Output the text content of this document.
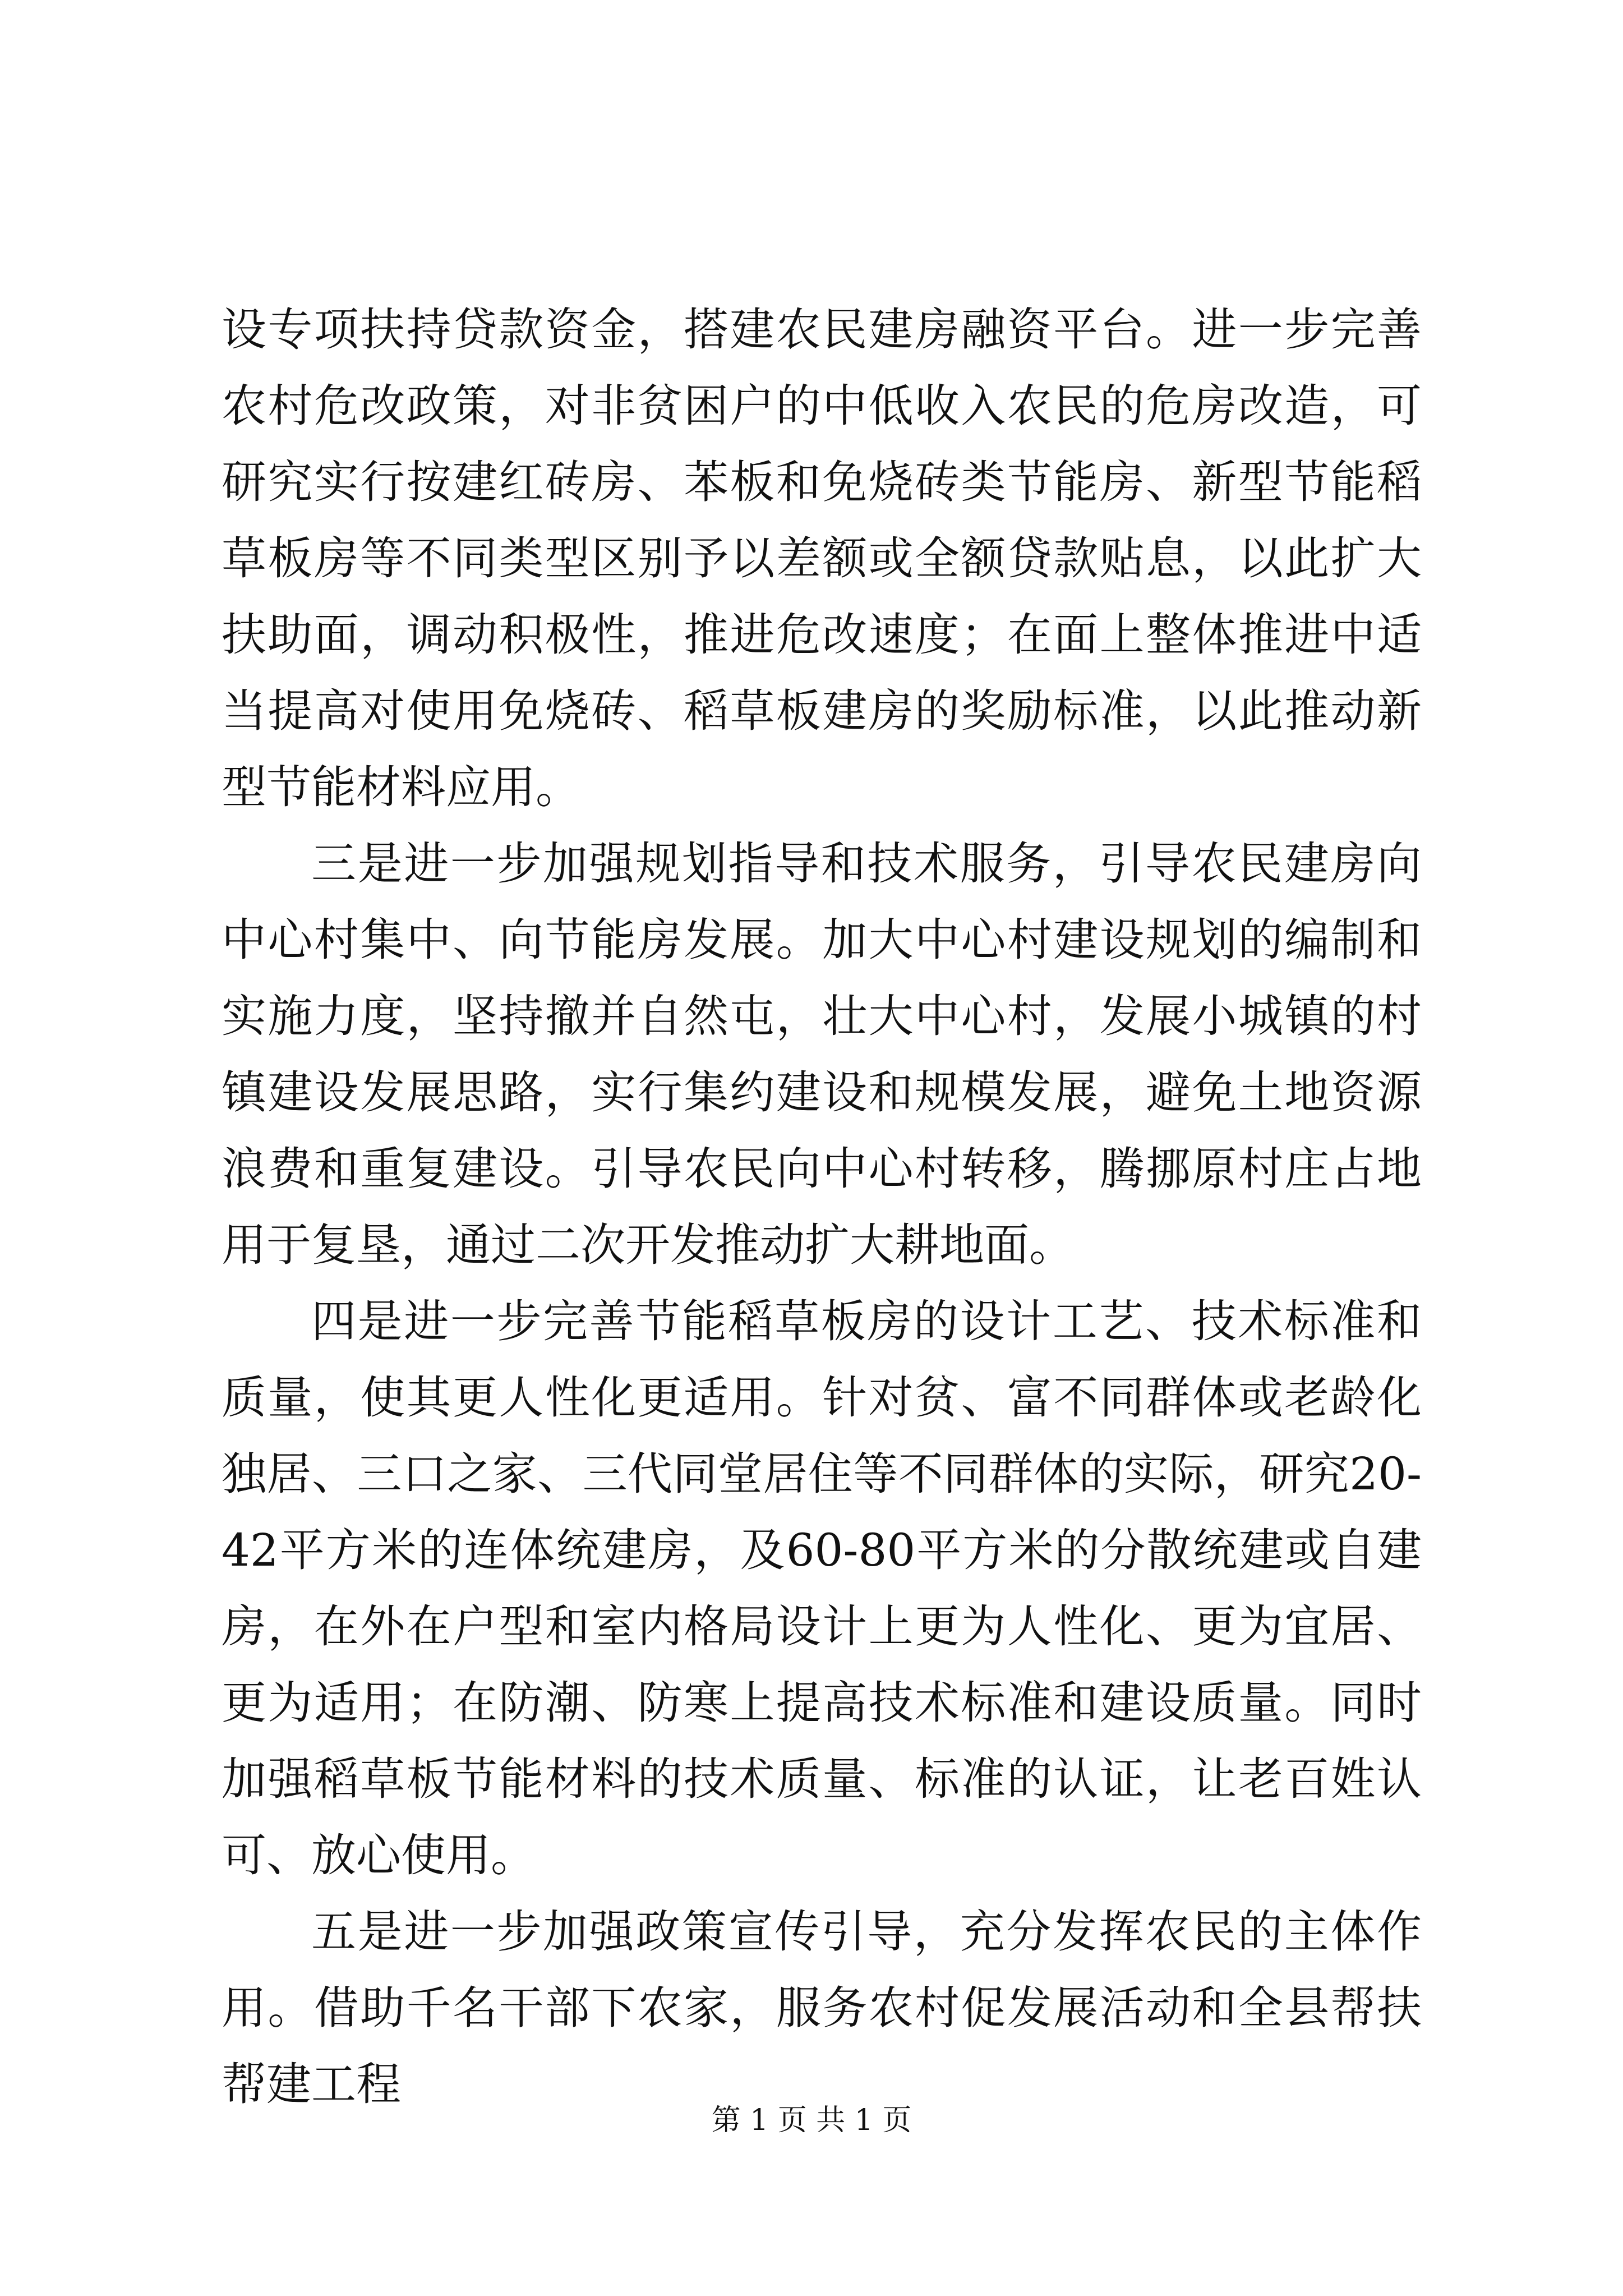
设专项扶持贷款资金，搭建农民建房融资平台。进一步完善农村危改政策，对非贫困户的中低收入农民的危房改造，可研究实行按建红砖房、苯板和免烧砖类节能房、新型节能稻草板房等不同类型区别予以差额或全额贷款贴息，以此扩大扶助面，调动积极性，推进危改速度；在面上整体推进中适当提高对使用免烧砖、稻草板建房的奖励标准，以此推动新型节能材料应用。

三是进一步加强规划指导和技术服务，引导农民建房向中心村集中、向节能房发展。加大中心村建设规划的编制和实施力度，坚持撤并自然屯，壮大中心村，发展小城镇的村镇建设发展思路，实行集约建设和规模发展，避免土地资源浪费和重复建设。引导农民向中心村转移，腾挪原村庄占地用于复垦，通过二次开发推动扩大耕地面。

四是进一步完善节能稻草板房的设计工艺、技术标准和质量，使其更人性化更适用。针对贫、富不同群体或老龄化独居、三口之家、三代同堂居住等不同群体的实际，研究20-42平方米的连体统建房，及60-80平方米的分散统建或自建房，在外在户型和室内格局设计上更为人性化、更为宜居、更为适用；在防潮、防寒上提高技术标准和建设质量。同时加强稻草板节能材料的技术质量、标准的认证，让老百姓认可、放心使用。

五是进一步加强政策宣传引导，充分发挥农民的主体作用。借助千名干部下农家，服务农村促发展活动和全县帮扶帮建工程

第 1 页 共 1 页
